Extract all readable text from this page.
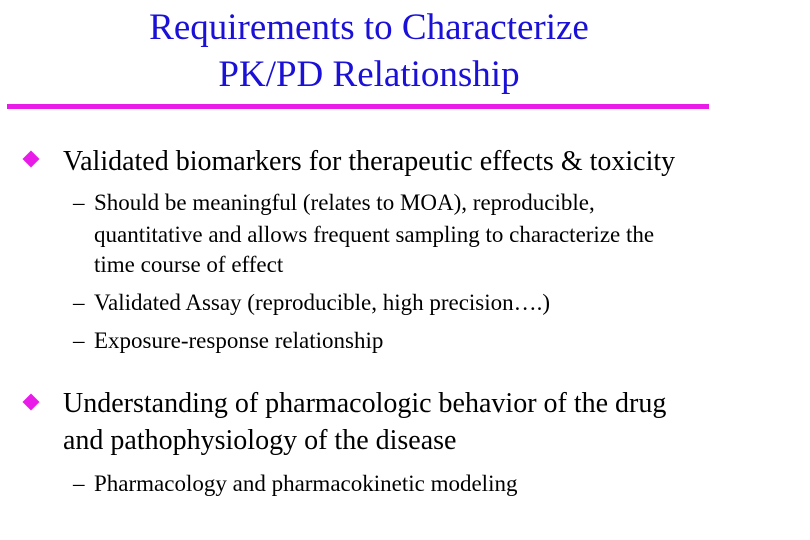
Requirements to Characterize
PK/PD Relationship
Validated biomarkers for therapeutic effects & toxicity
– Should be meaningful (relates to MOA), reproducible,
quantitative and allows frequent sampling to characterize the
time course of effect
– Validated Assay (reproducible, high precision….)
– Exposure-response relationship
Understanding of pharmacologic behavior of the drug
and pathophysiology of the disease
– Pharmacology and pharmacokinetic modeling
